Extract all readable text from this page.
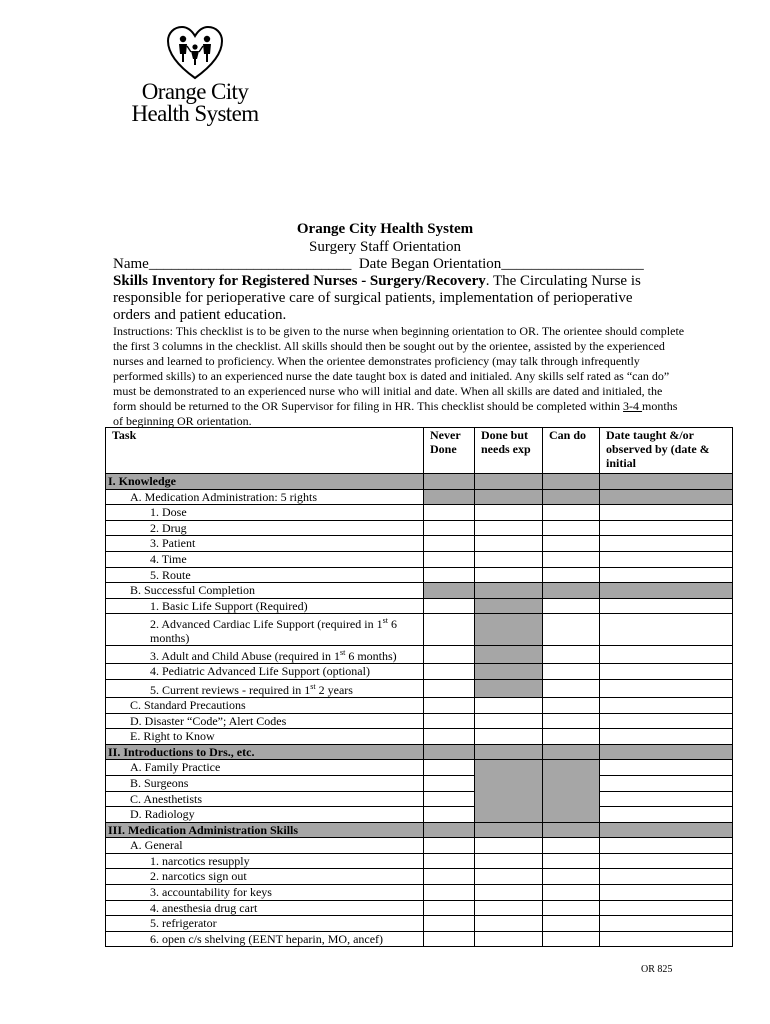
Orange City
Health System
Orange City Health System
Surgery Staff Orientation
Name___________________________  Date Began Orientation___________________
Skills Inventory for Registered Nurses - Surgery/Recovery. The Circulating Nurse is responsible for perioperative care of surgical patients, implementation of perioperative orders and patient education.
Instructions: This checklist is to be given to the nurse when beginning orientation to OR. The orientee should complete the first 3 columns in the checklist. All skills should then be sought out by the orientee, assisted by the experienced nurses and learned to proficiency. When the orientee demonstrates proficiency (may talk through infrequently performed skills) to an experienced nurse the date taught box is dated and initialed. Any skills self rated as “can do” must be demonstrated to an experienced nurse who will initial and date. When all skills are dated and initialed, the form should be returned to the OR Supervisor for filing in HR. This checklist should be completed within 3-4 months of beginning OR orientation.
Task	Never Done	Done but needs exp	Can do	Date taught &/or observed by (date & initial
I. Knowledge				
A. Medication Administration: 5 rights				
1. Dose				
2. Drug				
3. Patient				
4. Time				
5. Route				
B. Successful Completion				
1. Basic Life Support (Required)				
2. Advanced Cardiac Life Support (required in 1st 6 months)				
3. Adult and Child Abuse (required in 1st 6 months)				
4. Pediatric Advanced Life Support (optional)				
5. Current reviews - required in 1st 2 years				
C. Standard Precautions				
D. Disaster “Code”; Alert Codes				
E. Right to Know				
II. Introductions to Drs., etc.				
A. Family Practice				
B. Surgeons				
C. Anesthetists				
D. Radiology				
III. Medication Administration Skills				
A. General				
1. narcotics resupply				
2. narcotics sign out				
3. accountability for keys				
4. anesthesia drug cart				
5. refrigerator				
6. open c/s shelving (EENT heparin, MO, ancef)				
OR 825
